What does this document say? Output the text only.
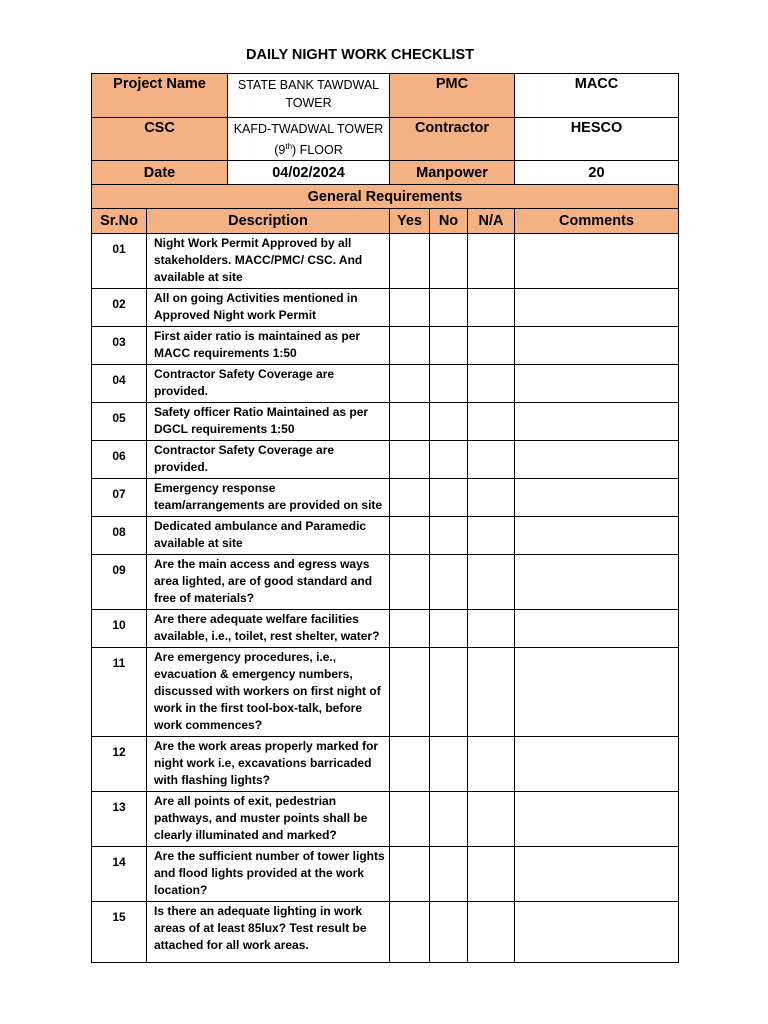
DAILY NIGHT WORK CHECKLIST
Project Name		STATE BANK TAWDWAL TOWER	PMC			MACC
CSC		KAFD-TWADWAL TOWER (9th) FLOOR	Contractor			HESCO
Date		04/02/2024	Manpower			20
General Requirements						
Sr.No	Description		Yes	No	N/A	Comments
01	Night Work Permit Approved by all stakeholders. MACC/PMC/ CSC. And available at site					
02	All on going Activities mentioned in Approved Night work Permit					
03	First aider ratio is maintained as per MACC requirements 1:50					
04	Contractor Safety Coverage are provided.					
05	Safety officer Ratio Maintained as per DGCL requirements 1:50					
06	Contractor Safety Coverage are provided.					
07	Emergency response team/arrangements are provided on site					
08	Dedicated ambulance and Paramedic available at site					
09	Are the main access and egress ways area lighted, are of good standard and free of materials?					
10	Are there adequate welfare facilities available, i.e., toilet, rest shelter, water?					
11	Are emergency procedures, i.e., evacuation & emergency numbers, discussed with workers on first night of work in the first tool-box-talk, before work commences?					
12	Are the work areas properly marked for night work i.e, excavations barricaded with flashing lights?					
13	Are all points of exit, pedestrian pathways, and muster points shall be clearly illuminated and marked?					
14	Are the sufficient number of tower lights and flood lights provided at the work location?					
15	Is there an adequate lighting in work areas of at least 85lux? Test result be attached for all work areas.					
